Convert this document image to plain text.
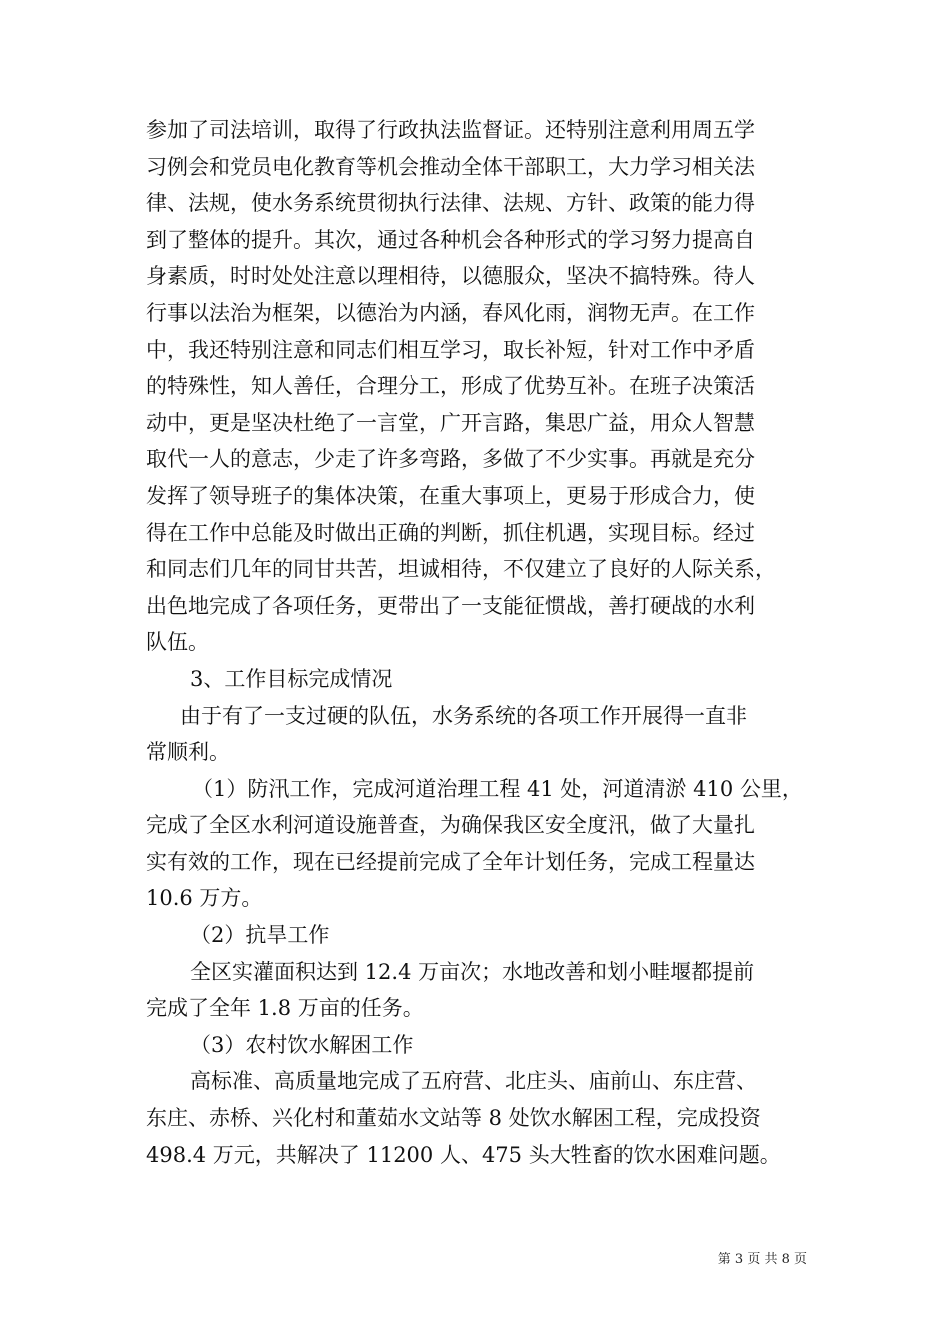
参加了司法培训，取得了行政执法监督证。还特别注意利用周五学
习例会和党员电化教育等机会推动全体干部职工，大力学习相关法
律、法规，使水务系统贯彻执行法律、法规、方针、政策的能力得
到了整体的提升。其次，通过各种机会各种形式的学习努力提高自
身素质，时时处处注意以理相待，以德服众，坚决不搞特殊。待人
行事以法治为框架，以德治为内涵，春风化雨，润物无声。在工作
中，我还特别注意和同志们相互学习，取长补短，针对工作中矛盾
的特殊性，知人善任，合理分工，形成了优势互补。在班子决策活
动中，更是坚决杜绝了一言堂，广开言路，集思广益，用众人智慧
取代一人的意志，少走了许多弯路，多做了不少实事。再就是充分
发挥了领导班子的集体决策，在重大事项上，更易于形成合力，使
得在工作中总能及时做出正确的判断，抓住机遇，实现目标。经过
和同志们几年的同甘共苦，坦诚相待，不仅建立了良好的人际关系，
出色地完成了各项任务，更带出了一支能征惯战，善打硬战的水利
队伍。
3、工作目标完成情况
由于有了一支过硬的队伍，水务系统的各项工作开展得一直非
常顺利。
（1）防汛工作，完成河道治理工程 41 处，河道清淤 410 公里，
完成了全区水利河道设施普查，为确保我区安全度汛，做了大量扎
实有效的工作，现在已经提前完成了全年计划任务，完成工程量达
10.6 万方。
（2）抗旱工作
全区实灌面积达到 12.4 万亩次；水地改善和划小畦堰都提前
完成了全年 1.8 万亩的任务。
（3）农村饮水解困工作
高标准、高质量地完成了五府营、北庄头、庙前山、东庄营、
东庄、赤桥、兴化村和董茹水文站等 8 处饮水解困工程，完成投资
498.4 万元，共解决了 11200 人、475 头大牲畜的饮水困难问题。
第 3 页 共 8 页
